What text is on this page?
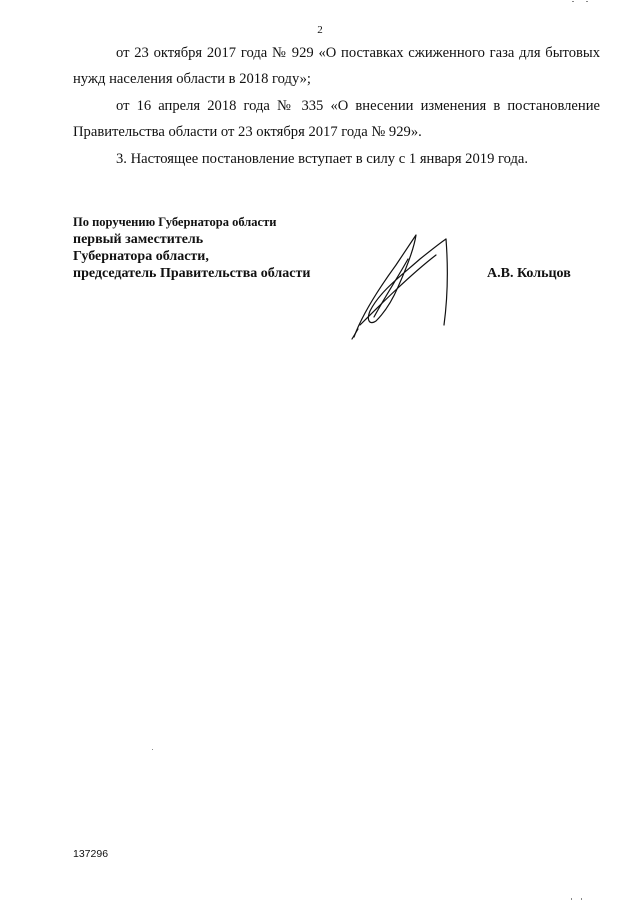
2

от 23 октября 2017 года № 929 «О поставках сжиженного газа для бытовых нужд населения области в 2018 году»;

от 16 апреля 2018 года № 335 «О внесении изменения в постановление Правительства области от 23 октября 2017 года № 929».

3. Настоящее постановление вступает в силу с 1 января 2019 года.

По поручению Губернатора области
первый заместитель
Губернатора области,
председатель Правительства области	А.В. Кольцов
137296
